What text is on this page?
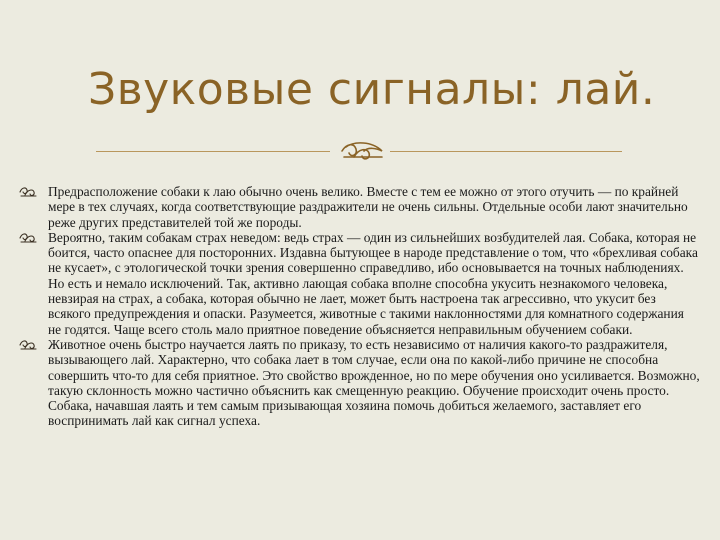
Звуковые сигналы: лай.

Предрасположение собаки к лаю обычно очень велико. Вместе с тем ее можно от этого отучить — по крайней мере в тех случаях, когда соответствующие раздражители не очень сильны. Отдельные особи лают значительно реже других представителей той же породы.

Вероятно, таким собакам страх неведом: ведь страх — один из сильнейших возбудителей лая. Собака, которая не боится, часто опаснее для посторонних. Издавна бытующее в народе представление о том, что «брехливая собака не кусает», с этологической точки зрения совершенно справедливо, ибо основывается на точных наблюдениях. Но есть и немало исключений. Так, активно лающая собака вполне способна укусить незнакомого человека, невзирая на страх, а собака, которая обычно не лает, может быть настроена так агрессивно, что укусит без всякого предупреждения и опаски. Разумеется, животные с такими наклонностями для комнатного содержания не годятся. Чаще всего столь мало приятное поведение объясняется неправильным обучением собаки.

Животное очень быстро научается лаять по приказу, то есть независимо от наличия какого-то раздражителя, вызывающего лай. Характерно, что собака лает в том случае, если она по какой-либо причине не способна совершить что-то для себя приятное. Это свойство врожденное, но по мере обучения оно усиливается. Возможно, такую склонность можно частично объяснить как смещенную реакцию. Обучение происходит очень просто. Собака, начавшая лаять и тем самым призывающая хозяина помочь добиться желаемого, заставляет его воспринимать лай как сигнал успеха.
